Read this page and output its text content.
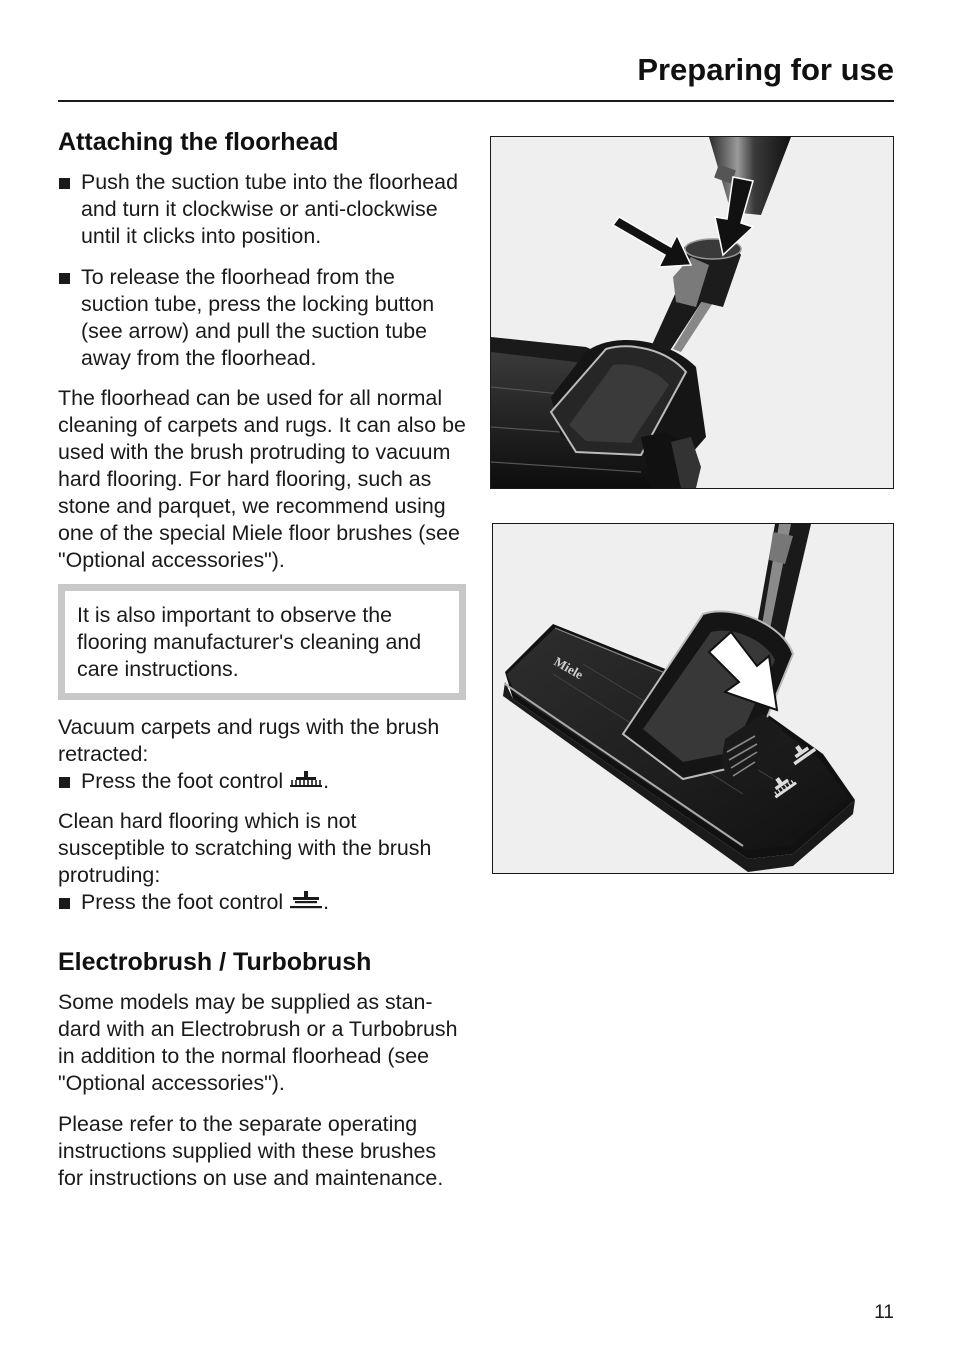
Preparing for use
Attaching the floorhead

Push the suction tube into the floorhead and turn it clockwise or anti-clockwise until it clicks into position.

To release the floorhead from the suction tube, press the locking button (see arrow) and pull the suction tube away from the floorhead.

The floorhead can be used for all normal cleaning of carpets and rugs. It can also be used with the brush protruding to vacuum hard flooring. For hard flooring, such as stone and parquet, we recommend using one of the special Miele floor brushes (see "Optional accessories").

It is also important to observe the flooring manufacturer's cleaning and care instructions.

Vacuum carpets and rugs with the brush retracted:

Press the foot control .

Clean hard flooring which is not susceptible to scratching with the brush protruding:

Press the foot control .

Electrobrush / Turbobrush

Some models may be supplied as stan-dard with an Electrobrush or a Turbobrush in addition to the normal floorhead (see "Optional accessories").

Please refer to the separate operating instructions supplied with these brushes for instructions on use and maintenance.

Miele
11
